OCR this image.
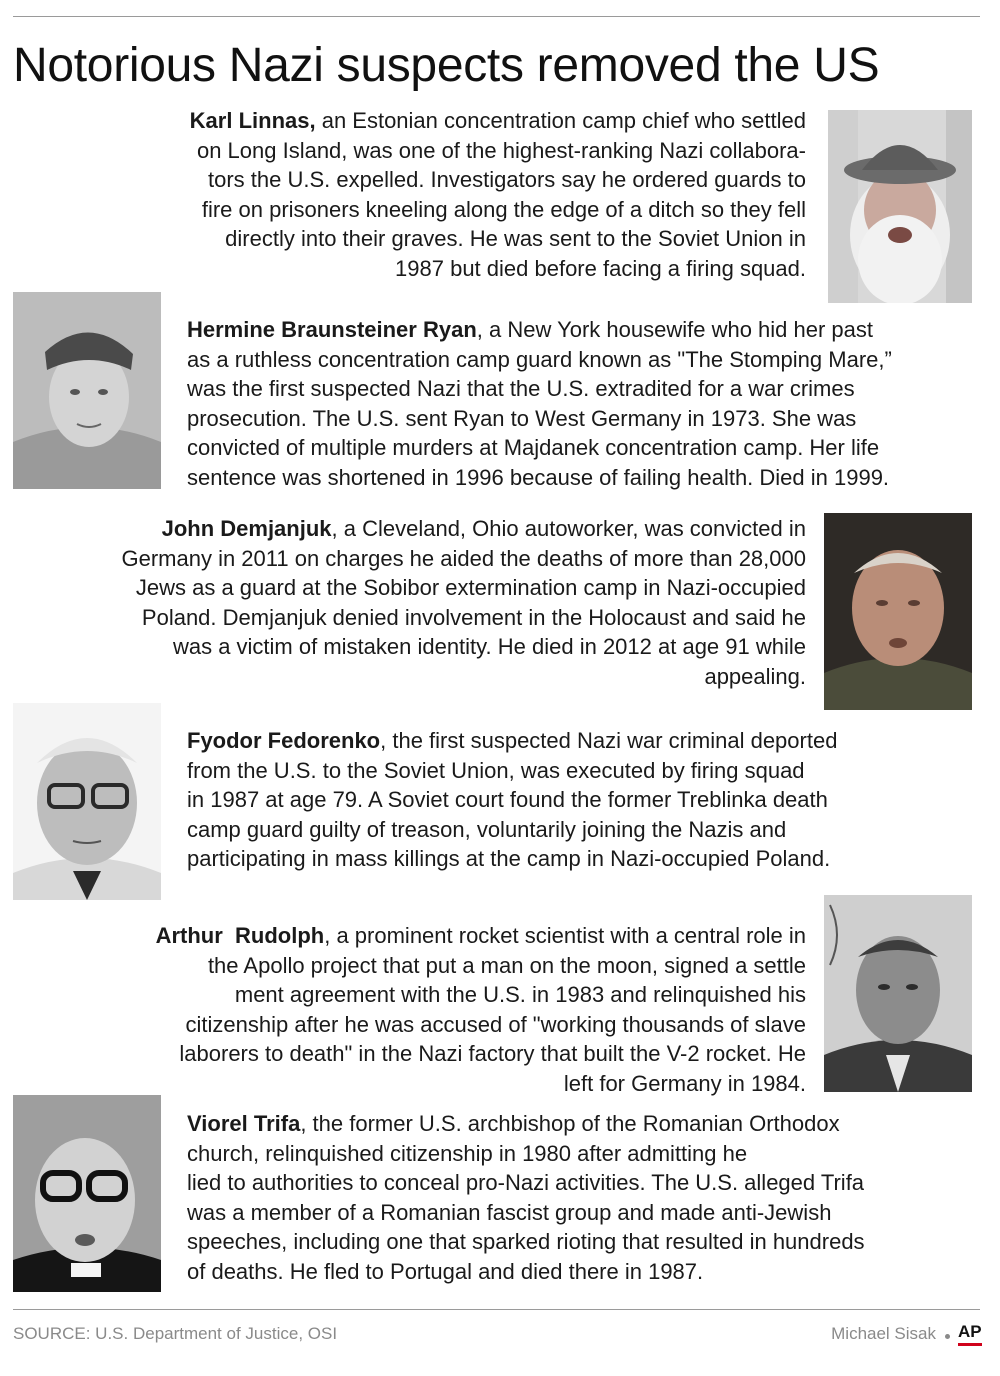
Notorious Nazi suspects removed the US

Karl Linnas, an Estonian concentration camp chief who settled
on Long Island, was one of the highest-ranking Nazi collabora-
tors the U.S. expelled. Investigators say he ordered guards to
fire on prisoners kneeling along the edge of a ditch so they fell
directly into their graves. He was sent to the Soviet Union in
1987 but died before facing a firing squad.

Hermine Braunsteiner Ryan, a New York housewife who hid her past
as a ruthless concentration camp guard known as "The Stomping Mare,”
was the first suspected Nazi that the U.S. extradited for a war crimes
prosecution. The U.S. sent Ryan to West Germany in 1973. She was
convicted of multiple murders at Majdanek concentration camp. Her life
sentence was shortened in 1996 because of failing health. Died in 1999.

John Demjanjuk, a Cleveland, Ohio autoworker, was convicted in
Germany in 2011 on charges he aided the deaths of more than 28,000
Jews as a guard at the Sobibor extermination camp in Nazi-occupied
Poland. Demjanjuk denied involvement in the Holocaust and said he
was a victim of mistaken identity. He died in 2012 at age 91 while
appealing.

Fyodor Fedorenko, the first suspected Nazi war criminal deported
from the U.S. to the Soviet Union, was executed by firing squad
in 1987 at age 79. A Soviet court found the former Treblinka death
camp guard guilty of treason, voluntarily joining the Nazis and
participating in mass killings at the camp in Nazi-occupied Poland.

Arthur  Rudolph, a prominent rocket scientist with a central role in
the Apollo project that put a man on the moon, signed a settle
ment agreement with the U.S. in 1983 and relinquished his
citizenship after he was accused of "working thousands of slave
laborers to death" in the Nazi factory that built the V-2 rocket. He
left for Germany in 1984.

Viorel Trifa, the former U.S. archbishop of the Romanian Orthodox
church, relinquished citizenship in 1980 after admitting he
lied to authorities to conceal pro-Nazi activities. The U.S. alleged Trifa
was a member of a Romanian fascist group and made anti-Jewish
speeches, including one that sparked rioting that resulted in hundreds
of deaths. He fled to Portugal and died there in 1987.

SOURCE: U.S. Department of Justice, OSI	Michael Sisak AP
